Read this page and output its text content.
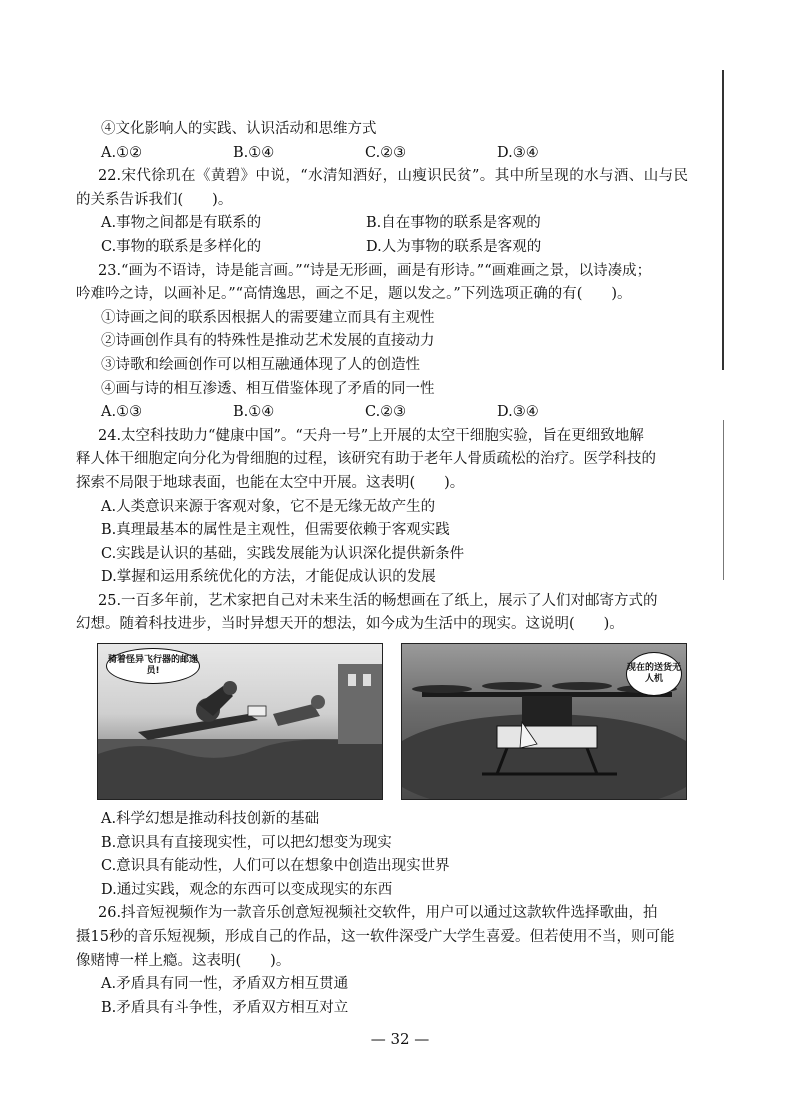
④文化影响人的实践、认识活动和思维方式
A.①②	B.①④	C.②③	D.③④
22.宋代徐玑在《黄碧》中说，“水清知酒好，山瘦识民贫”。其中所呈现的水与酒、山与民
的关系告诉我们(　　)。
A.事物之间都是有联系的	B.自在事物的联系是客观的
C.事物的联系是多样化的	D.人为事物的联系是客观的
23.“画为不语诗，诗是能言画。”“诗是无形画，画是有形诗。”“画难画之景，以诗凑成；
吟难吟之诗，以画补足。”“高情逸思，画之不足，题以发之。”下列选项正确的有(　　)。
①诗画之间的联系因根据人的需要建立而具有主观性
②诗画创作具有的特殊性是推动艺术发展的直接动力
③诗歌和绘画创作可以相互融通体现了人的创造性
④画与诗的相互渗透、相互借鉴体现了矛盾的同一性
A.①③	B.①④	C.②③	D.③④
24.太空科技助力“健康中国”。“天舟一号”上开展的太空干细胞实验，旨在更细致地解
释人体干细胞定向分化为骨细胞的过程，该研究有助于老年人骨质疏松的治疗。医学科技的
探索不局限于地球表面，也能在太空中开展。这表明(　　)。
A.人类意识来源于客观对象，它不是无缘无故产生的
B.真理最基本的属性是主观性，但需要依赖于客观实践
C.实践是认识的基础，实践发展能为认识深化提供新条件
D.掌握和运用系统优化的方法，才能促成认识的发展
25.一百多年前，艺术家把自己对未来生活的畅想画在了纸上，展示了人们对邮寄方式的
幻想。随着科技进步，当时异想天开的想法，如今成为生活中的现实。这说明(　　)。
骑着怪异飞行器的邮递员!	现在的送货无人机
A.科学幻想是推动科技创新的基础
B.意识具有直接现实性，可以把幻想变为现实
C.意识具有能动性，人们可以在想象中创造出现实世界
D.通过实践，观念的东西可以变成现实的东西
26.抖音短视频作为一款音乐创意短视频社交软件，用户可以通过这款软件选择歌曲，拍
摄15秒的音乐短视频，形成自己的作品，这一软件深受广大学生喜爱。但若使用不当，则可能
像赌博一样上瘾。这表明(　　)。
A.矛盾具有同一性，矛盾双方相互贯通
B.矛盾具有斗争性，矛盾双方相互对立
— 32 —
